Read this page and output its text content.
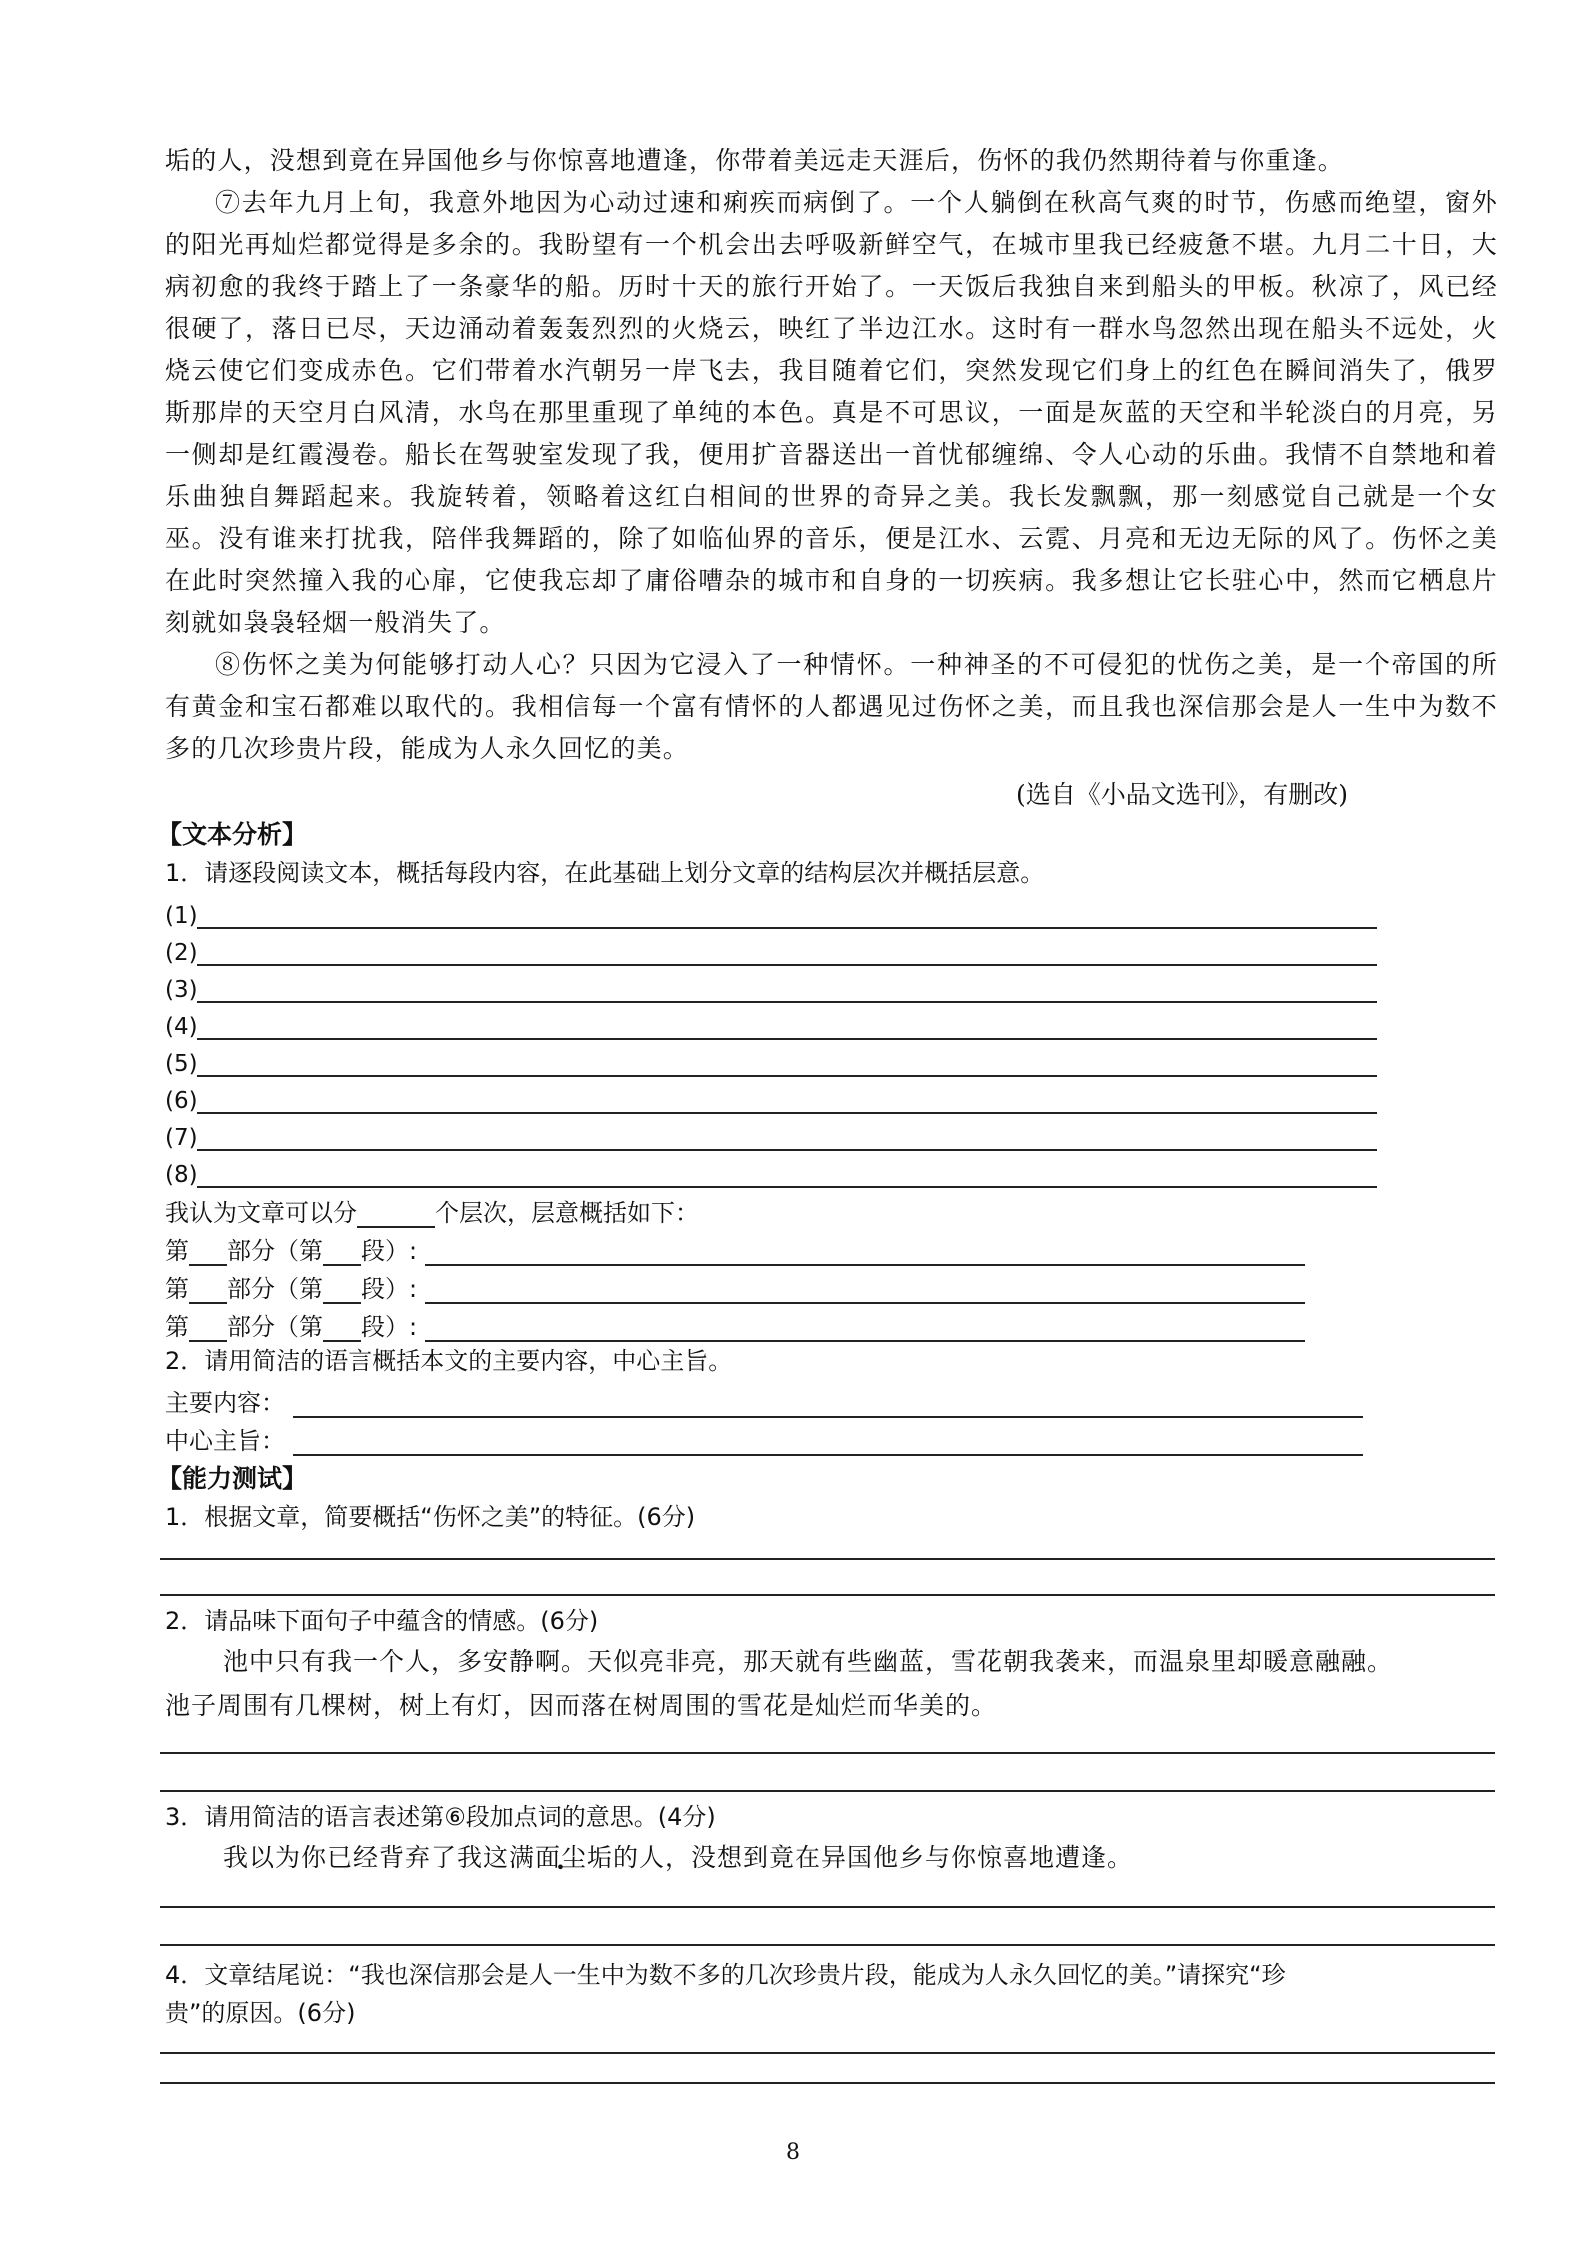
垢的人，没想到竟在异国他乡与你惊喜地遭逢，你带着美远走天涯后，伤怀的我仍然期待着与你重逢。

⑦去年九月上旬，我意外地因为心动过速和痢疾而病倒了。一个人躺倒在秋高气爽的时节，伤感而绝望，窗外的阳光再灿烂都觉得是多余的。我盼望有一个机会出去呼吸新鲜空气，在城市里我已经疲惫不堪。九月二十日，大病初愈的我终于踏上了一条豪华的船。历时十天的旅行开始了。一天饭后我独自来到船头的甲板。秋凉了，风已经很硬了，落日已尽，天边涌动着轰轰烈烈的火烧云，映红了半边江水。这时有一群水鸟忽然出现在船头不远处，火烧云使它们变成赤色。它们带着水汽朝另一岸飞去，我目随着它们，突然发现它们身上的红色在瞬间消失了，俄罗斯那岸的天空月白风清，水鸟在那里重现了单纯的本色。真是不可思议，一面是灰蓝的天空和半轮淡白的月亮，另一侧却是红霞漫卷。船长在驾驶室发现了我，便用扩音器送出一首忧郁缠绵、令人心动的乐曲。我情不自禁地和着乐曲独自舞蹈起来。我旋转着，领略着这红白相间的世界的奇异之美。我长发飘飘，那一刻感觉自己就是一个女巫。没有谁来打扰我，陪伴我舞蹈的，除了如临仙界的音乐，便是江水、云霓、月亮和无边无际的风了。伤怀之美在此时突然撞入我的心扉，它使我忘却了庸俗嘈杂的城市和自身的一切疾病。我多想让它长驻心中，然而它栖息片刻就如袅袅轻烟一般消失了。

⑧伤怀之美为何能够打动人心？只因为它浸入了一种情怀。一种神圣的不可侵犯的忧伤之美，是一个帝国的所有黄金和宝石都难以取代的。我相信每一个富有情怀的人都遇见过伤怀之美，而且我也深信那会是人一生中为数不多的几次珍贵片段，能成为人永久回忆的美。

(选自《小品文选刊》，有删改)

【文本分析】

1．请逐段阅读文本，概括每段内容，在此基础上划分文章的结构层次并概括层意。

(1)
(2)
(3)
(4)
(5)
(6)
(7)
(8)
我认为文章可以分	个层次，层意概括如下：
第 部分（第 段）:
第 部分（第 段）:
第 部分（第 段）:

2．请用简洁的语言概括本文的主要内容，中心主旨。

主要内容：
中心主旨：

【能力测试】

1．根据文章，简要概括“伤怀之美”的特征。(6分)

2．请品味下面句子中蕴含的情感。(6分)

池中只有我一个人，多安静啊。天似亮非亮，那天就有些幽蓝，雪花朝我袭来，而温泉里却暖意融融。

池子周围有几棵树，树上有灯，因而落在树周围的雪花是灿烂而华美的。

3．请用简洁的语言表述第⑥段加点词的意思。(4分)

我以为你已经背弃了我这满面尘垢的人，没想到竟在异国他乡与你惊喜地遭逢。

4．文章结尾说：“我也深信那会是人一生中为数不多的几次珍贵片段，能成为人永久回忆的美。”请探究“珍

贵”的原因。(6分)

8
